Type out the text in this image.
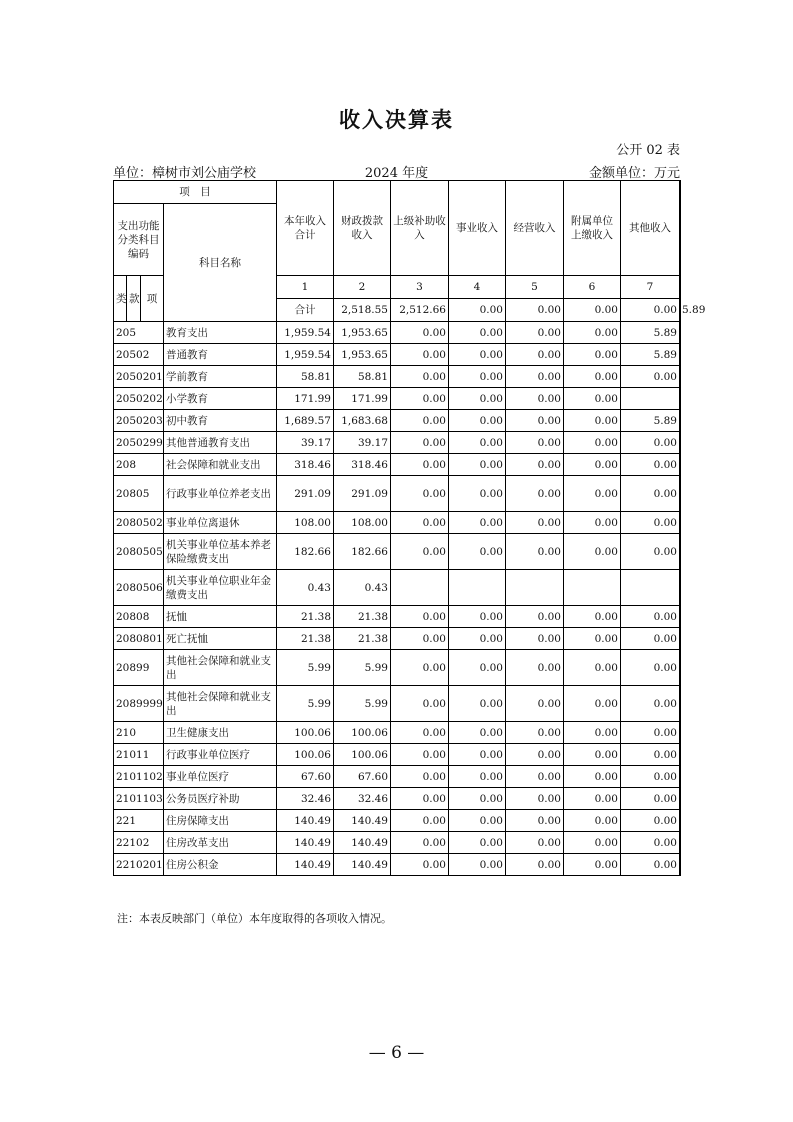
收入决算表
公开 02 表
单位：樟树市刘公庙学校	2024 年度	金额单位：万元
项　目				本年收入合计	财政拨款收入	上级补助收入	事业收入	经营收入	附属单位上缴收入	其他收入	
支出功能分类科目编码			科目名称								
类	款	项		1	2	3	4	5	6	7	
				合计	2,518.55	2,512.66	0.00	0.00	0.00	0.00	5.89
205			教育支出	1,959.54	1,953.65	0.00	0.00	0.00	0.00	5.89	
20502			普通教育	1,959.54	1,953.65	0.00	0.00	0.00	0.00	5.89	
2050201			学前教育	58.81	58.81	0.00	0.00	0.00	0.00	0.00	
2050202			小学教育	171.99	171.99	0.00	0.00	0.00	0.00		
2050203			初中教育	1,689.57	1,683.68	0.00	0.00	0.00	0.00	5.89	
2050299			其他普通教育支出	39.17	39.17	0.00	0.00	0.00	0.00	0.00	
208			社会保障和就业支出	318.46	318.46	0.00	0.00	0.00	0.00	0.00	
20805			行政事业单位养老支出	291.09	291.09	0.00	0.00	0.00	0.00	0.00	
2080502			事业单位离退休	108.00	108.00	0.00	0.00	0.00	0.00	0.00	
2080505			机关事业单位基本养老保险缴费支出	182.66	182.66	0.00	0.00	0.00	0.00	0.00	
2080506			机关事业单位职业年金缴费支出	0.43	0.43						
20808			抚恤	21.38	21.38	0.00	0.00	0.00	0.00	0.00	
2080801			死亡抚恤	21.38	21.38	0.00	0.00	0.00	0.00	0.00	
20899			其他社会保障和就业支出	5.99	5.99	0.00	0.00	0.00	0.00	0.00	
2089999			其他社会保障和就业支出	5.99	5.99	0.00	0.00	0.00	0.00	0.00	
210			卫生健康支出	100.06	100.06	0.00	0.00	0.00	0.00	0.00	
21011			行政事业单位医疗	100.06	100.06	0.00	0.00	0.00	0.00	0.00	
2101102			事业单位医疗	67.60	67.60	0.00	0.00	0.00	0.00	0.00	
2101103			公务员医疗补助	32.46	32.46	0.00	0.00	0.00	0.00	0.00	
221			住房保障支出	140.49	140.49	0.00	0.00	0.00	0.00	0.00	
22102			住房改革支出	140.49	140.49	0.00	0.00	0.00	0.00	0.00	
2210201			住房公积金	140.49	140.49	0.00	0.00	0.00	0.00	0.00	
注：本表反映部门（单位）本年度取得的各项收入情况。
— 6 —
